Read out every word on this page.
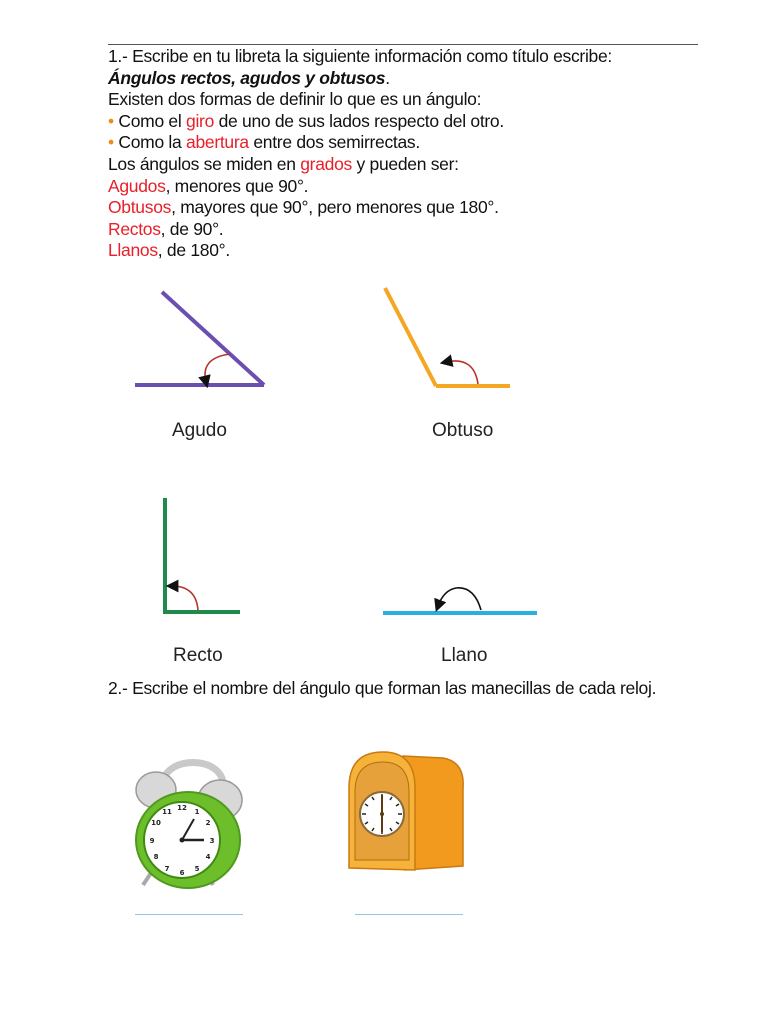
1.- Escribe en tu libreta la siguiente información como título escribe:
Ángulos rectos, agudos y obtusos.
Existen dos formas de definir lo que es un ángulo:
• Como el giro de uno de sus lados respecto del otro.
• Como la abertura entre dos semirrectas.
Los ángulos se miden en grados y pueden ser:
Agudos, menores que 90°.
Obtusos, mayores que 90°, pero menores que 180°.
Rectos, de 90°.
Llanos, de 180°.
Agudo	Obtuso
Recto	Llano
2.- Escribe el nombre del ángulo que forman las manecillas de cada reloj.
12 1
2
3
4
5
6
7
8
9
10
11
